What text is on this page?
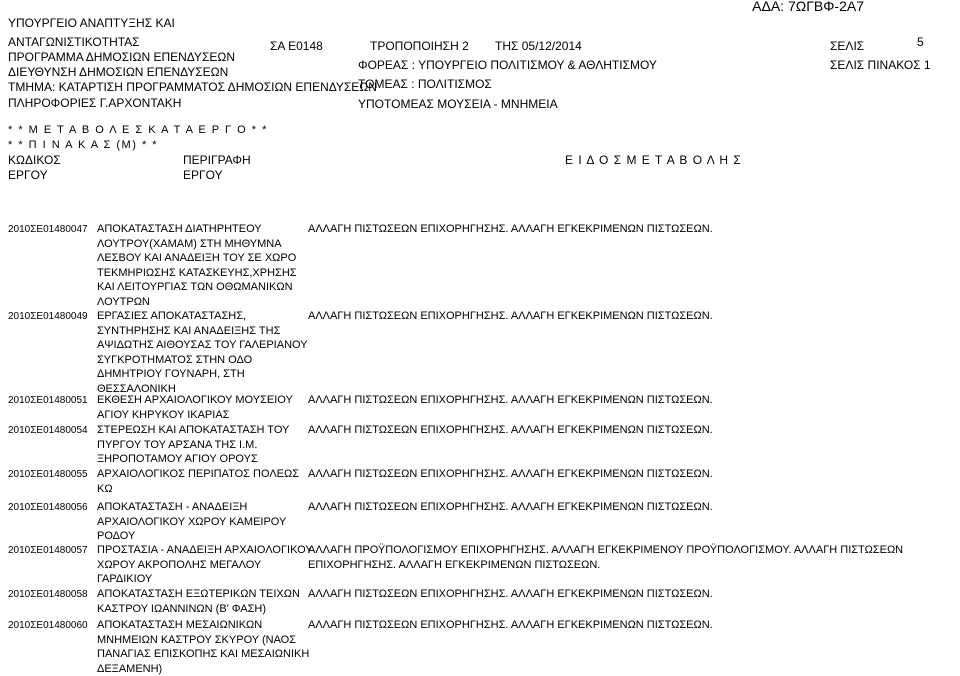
ΑΔΑ: 7ΩΓΒΦ-2Α7
ΥΠΟΥΡΓΕΙΟ ΑΝΑΠΤΥΞΗΣ ΚΑΙ
ΑΝΤΑΓΩΝΙΣΤΙΚΟΤΗΤΑΣ
ΠΡΟΓΡΑΜΜΑ ΔΗΜΟΣΙΩΝ ΕΠΕΝΔΥΣΕΩΝ
ΔΙΕΥΘΥΝΣΗ ΔΗΜΟΣΙΩΝ ΕΠΕΝΔΥΣΕΩΝ
ΤΜΗΜΑ: ΚΑΤΑΡΤΙΣΗ ΠΡΟΓΡΑΜΜΑΤΟΣ ΔΗΜΟΣΙΩΝ ΕΠΕΝΔΥΣΕΩΝ
ΠΛΗΡΟΦΟΡΙΕΣ Γ.ΑΡΧΟΝΤΑΚΗ
ΣΑ Ε0148	ΤΡΟΠΟΠΟΙΗΣΗ 2 ΤΗΣ 05/12/2014
ΦΟΡΕΑΣ : ΥΠΟΥΡΓΕΙΟ ΠΟΛΙΤΙΣΜΟΥ & ΑΘΛΗΤΙΣΜΟΥ
ΤΟΜΕΑΣ : ΠΟΛΙΤΙΣΜΟΣ
ΥΠΟΤΟΜΕΑΣ ΜΟΥΣΕΙΑ - ΜΝΗΜΕΙΑ
ΣΕΛΙΣ	5
ΣΕΛΙΣ ΠΙΝΑΚΟΣ 1
* * Μ Ε Τ Α Β Ο Λ Ε Σ Κ Α Τ Α Ε Ρ Γ Ο * *
* * Π Ι Ν Α Κ Α Σ (Μ) * *
ΚΩΔΙΚΟΣ
ΕΡΓΟΥ
ΠΕΡΙΓΡΑΦΗ
ΕΡΓΟΥ
Ε Ι Δ Ο Σ Μ Ε Τ Α Β Ο Λ Η Σ
2010ΣΕ01480047 ΑΠΟΚΑΤΑΣΤΑΣΗ ΔΙΑΤΗΡΗΤΕΟΥ ΛΟΥΤΡΟΥ(ΧΑΜΑΜ) ΣΤΗ ΜΗΘΥΜΝΑ ΛΕΣΒΟΥ ΚΑΙ ΑΝΑΔΕΙΞΗ ΤΟΥ ΣΕ ΧΩΡΟ ΤΕΚΜΗΡΙΩΣΗΣ ΚΑΤΑΣΚΕΥΗΣ,ΧΡΗΣΗΣ ΚΑΙ ΛΕΙΤΟΥΡΓΙΑΣ ΤΩΝ ΟΘΩΜΑΝΙΚΩΝ ΛΟΥΤΡΩΝ
ΑΛΛΑΓΗ ΠΙΣΤΩΣΕΩΝ ΕΠΙΧΟΡΗΓΗΣΗΣ. ΑΛΛΑΓΗ ΕΓΚΕΚΡΙΜΕΝΩΝ ΠΙΣΤΩΣΕΩΝ.
2010ΣΕ01480049 ΕΡΓΑΣΙΕΣ ΑΠΟΚΑΤΑΣΤΑΣΗΣ, ΣΥΝΤΗΡΗΣΗΣ ΚΑΙ ΑΝΑΔΕΙΞΗΣ ΤΗΣ ΑΨΙΔΩΤΗΣ ΑΙΘΟΥΣΑΣ ΤΟΥ ΓΑΛΕΡΙΑΝΟΥ ΣΥΓΚΡΟΤΗΜΑΤΟΣ ΣΤΗΝ ΟΔΟ ΔΗΜΗΤΡΙΟΥ ΓΟΥΝΑΡΗ, ΣΤΗ ΘΕΣΣΑΛΟΝΙΚΗ
ΑΛΛΑΓΗ ΠΙΣΤΩΣΕΩΝ ΕΠΙΧΟΡΗΓΗΣΗΣ. ΑΛΛΑΓΗ ΕΓΚΕΚΡΙΜΕΝΩΝ ΠΙΣΤΩΣΕΩΝ.
2010ΣΕ01480051 ΕΚΘΕΣΗ ΑΡΧΑΙΟΛΟΓΙΚΟΥ ΜΟΥΣΕΙΟΥ ΑΓΙΟΥ ΚΗΡΥΚΟΥ ΙΚΑΡΙΑΣ
ΑΛΛΑΓΗ ΠΙΣΤΩΣΕΩΝ ΕΠΙΧΟΡΗΓΗΣΗΣ. ΑΛΛΑΓΗ ΕΓΚΕΚΡΙΜΕΝΩΝ ΠΙΣΤΩΣΕΩΝ.
2010ΣΕ01480054 ΣΤΕΡΕΩΣΗ ΚΑΙ ΑΠΟΚΑΤΑΣΤΑΣΗ ΤΟΥ ΠΥΡΓΟΥ ΤΟΥ ΑΡΣΑΝΑ ΤΗΣ Ι.Μ. ΞΗΡΟΠΟΤΑΜΟΥ ΑΓΙΟΥ ΟΡΟΥΣ
ΑΛΛΑΓΗ ΠΙΣΤΩΣΕΩΝ ΕΠΙΧΟΡΗΓΗΣΗΣ. ΑΛΛΑΓΗ ΕΓΚΕΚΡΙΜΕΝΩΝ ΠΙΣΤΩΣΕΩΝ.
2010ΣΕ01480055 ΑΡΧΑΙΟΛΟΓΙΚΟΣ ΠΕΡΙΠΑΤΟΣ ΠΟΛΕΩΣ ΚΩ
ΑΛΛΑΓΗ ΠΙΣΤΩΣΕΩΝ ΕΠΙΧΟΡΗΓΗΣΗΣ. ΑΛΛΑΓΗ ΕΓΚΕΚΡΙΜΕΝΩΝ ΠΙΣΤΩΣΕΩΝ.
2010ΣΕ01480056 ΑΠΟΚΑΤΑΣΤΑΣΗ - ΑΝΑΔΕΙΞΗ ΑΡΧΑΙΟΛΟΓΙΚΟΥ ΧΩΡΟΥ ΚΑΜΕΙΡΟΥ ΡΟΔΟΥ
ΑΛΛΑΓΗ ΠΙΣΤΩΣΕΩΝ ΕΠΙΧΟΡΗΓΗΣΗΣ. ΑΛΛΑΓΗ ΕΓΚΕΚΡΙΜΕΝΩΝ ΠΙΣΤΩΣΕΩΝ.
2010ΣΕ01480057 ΠΡΟΣΤΑΣΙΑ - ΑΝΑΔΕΙΞΗ ΑΡΧΑΙΟΛΟΓΙΚΟΥ ΧΩΡΟΥ ΑΚΡΟΠΟΛΗΣ ΜΕΓΑΛΟΥ ΓΑΡΔΙΚΙΟΥ
ΑΛΛΑΓΗ ΠΡΟΫΠΟΛΟΓΙΣΜΟΥ ΕΠΙΧΟΡΗΓΗΣΗΣ. ΑΛΛΑΓΗ ΕΓΚΕΚΡΙΜΕΝΟΥ ΠΡΟΫΠΟΛΟΓΙΣΜΟΥ. ΑΛΛΑΓΗ ΠΙΣΤΩΣΕΩΝ
ΕΠΙΧΟΡΗΓΗΣΗΣ. ΑΛΛΑΓΗ ΕΓΚΕΚΡΙΜΕΝΩΝ ΠΙΣΤΩΣΕΩΝ.
2010ΣΕ01480058 ΑΠΟΚΑΤΑΣΤΑΣΗ ΕΞΩΤΕΡΙΚΩΝ ΤΕΙΧΩΝ ΚΑΣΤΡΟΥ ΙΩΑΝΝΙΝΩΝ (Β' ΦΑΣΗ)
ΑΛΛΑΓΗ ΠΙΣΤΩΣΕΩΝ ΕΠΙΧΟΡΗΓΗΣΗΣ. ΑΛΛΑΓΗ ΕΓΚΕΚΡΙΜΕΝΩΝ ΠΙΣΤΩΣΕΩΝ.
2010ΣΕ01480060 ΑΠΟΚΑΤΑΣΤΑΣΗ ΜΕΣΑΙΩΝΙΚΩΝ ΜΝΗΜΕΙΩΝ ΚΑΣΤΡΟΥ ΣΚΥΡΟΥ (ΝΑΟΣ ΠΑΝΑΓΙΑΣ ΕΠΙΣΚΟΠΗΣ ΚΑΙ ΜΕΣΑΙΩΝΙΚΗ ΔΕΞΑΜΕΝΗ)
ΑΛΛΑΓΗ ΠΙΣΤΩΣΕΩΝ ΕΠΙΧΟΡΗΓΗΣΗΣ. ΑΛΛΑΓΗ ΕΓΚΕΚΡΙΜΕΝΩΝ ΠΙΣΤΩΣΕΩΝ.
